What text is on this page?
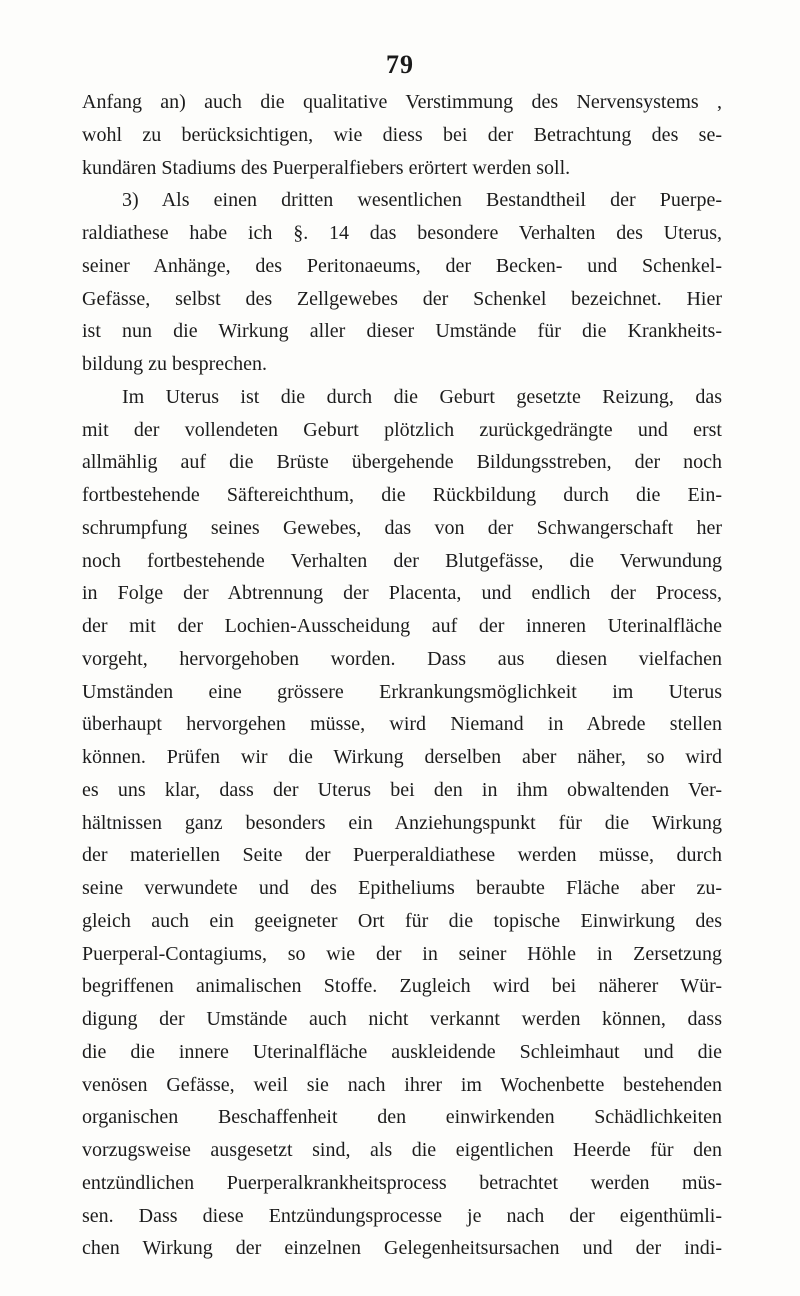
79
Anfang an) auch die qualitative Verstimmung des Nervensystems ,
wohl zu berücksichtigen, wie diess bei der Betrachtung des se-
kundären Stadiums des Puerperalfiebers erörtert werden soll.
3) Als einen dritten wesentlichen Bestandtheil der Puerpe-
raldiathese habe ich §. 14 das besondere Verhalten des Uterus,
seiner Anhänge, des Peritonaeums, der Becken- und Schenkel-
Gefässe, selbst des Zellgewebes der Schenkel bezeichnet. Hier
ist nun die Wirkung aller dieser Umstände für die Krankheits-
bildung zu besprechen.
Im Uterus ist die durch die Geburt gesetzte Reizung, das
mit der vollendeten Geburt plötzlich zurückgedrängte und erst
allmählig auf die Brüste übergehende Bildungsstreben, der noch
fortbestehende Säftereichthum, die Rückbildung durch die Ein-
schrumpfung seines Gewebes, das von der Schwangerschaft her
noch fortbestehende Verhalten der Blutgefässe, die Verwundung
in Folge der Abtrennung der Placenta, und endlich der Process,
der mit der Lochien-Ausscheidung auf der inneren Uterinalfläche
vorgeht, hervorgehoben worden. Dass aus diesen vielfachen
Umständen eine grössere Erkrankungsmöglichkeit im Uterus
überhaupt hervorgehen müsse, wird Niemand in Abrede stellen
können. Prüfen wir die Wirkung derselben aber näher, so wird
es uns klar, dass der Uterus bei den in ihm obwaltenden Ver-
hältnissen ganz besonders ein Anziehungspunkt für die Wirkung
der materiellen Seite der Puerperaldiathese werden müsse, durch
seine verwundete und des Epitheliums beraubte Fläche aber zu-
gleich auch ein geeigneter Ort für die topische Einwirkung des
Puerperal-Contagiums, so wie der in seiner Höhle in Zersetzung
begriffenen animalischen Stoffe. Zugleich wird bei näherer Wür-
digung der Umstände auch nicht verkannt werden können, dass
die die innere Uterinalfläche auskleidende Schleimhaut und die
venösen Gefässe, weil sie nach ihrer im Wochenbette bestehenden
organischen Beschaffenheit den einwirkenden Schädlichkeiten
vorzugsweise ausgesetzt sind, als die eigentlichen Heerde für den
entzündlichen Puerperalkrankheitsprocess betrachtet werden müs-
sen. Dass diese Entzündungsprocesse je nach der eigenthümli-
chen Wirkung der einzelnen Gelegenheitsursachen und der indi-
